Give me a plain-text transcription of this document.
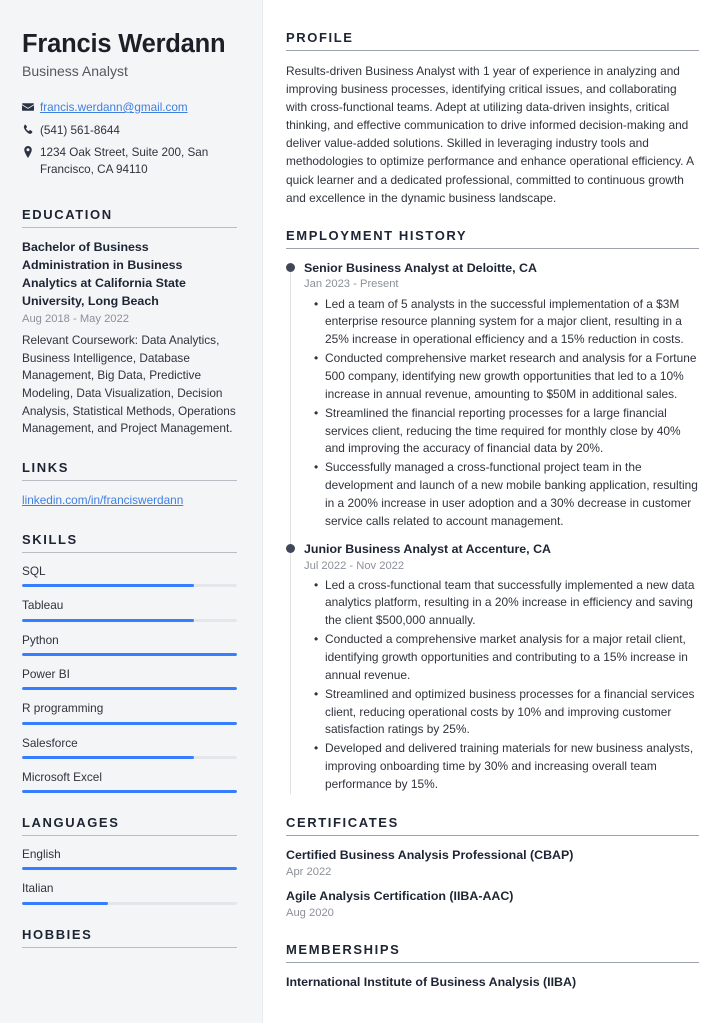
Francis Werdann
Business Analyst
francis.werdann@gmail.com
(541) 561-8644
1234 Oak Street, Suite 200, San Francisco, CA 94110
EDUCATION
Bachelor of Business Administration in Business Analytics at California State University, Long Beach
Aug 2018 - May 2022
Relevant Coursework: Data Analytics, Business Intelligence, Database Management, Big Data, Predictive Modeling, Data Visualization, Decision Analysis, Statistical Methods, Operations Management, and Project Management.
LINKS
linkedin.com/in/franciswerdann
SKILLS
SQL
Tableau
Python
Power BI
R programming
Salesforce
Microsoft Excel
LANGUAGES
English
Italian
HOBBIES
PROFILE
Results-driven Business Analyst with 1 year of experience in analyzing and improving business processes, identifying critical issues, and collaborating with cross-functional teams. Adept at utilizing data-driven insights, critical thinking, and effective communication to drive informed decision-making and deliver value-added solutions. Skilled in leveraging industry tools and methodologies to optimize performance and enhance operational efficiency. A quick learner and a dedicated professional, committed to continuous growth and excellence in the dynamic business landscape.
EMPLOYMENT HISTORY
Senior Business Analyst at Deloitte, CA
Jan 2023 - Present
• Led a team of 5 analysts in the successful implementation of a $3M enterprise resource planning system for a major client, resulting in a 25% increase in operational efficiency and a 15% reduction in costs.
• Conducted comprehensive market research and analysis for a Fortune 500 company, identifying new growth opportunities that led to a 10% increase in annual revenue, amounting to $50M in additional sales.
• Streamlined the financial reporting processes for a large financial services client, reducing the time required for monthly close by 40% and improving the accuracy of financial data by 20%.
• Successfully managed a cross-functional project team in the development and launch of a new mobile banking application, resulting in a 200% increase in user adoption and a 30% decrease in customer service calls related to account management.
Junior Business Analyst at Accenture, CA
Jul 2022 - Nov 2022
• Led a cross-functional team that successfully implemented a new data analytics platform, resulting in a 20% increase in efficiency and saving the client $500,000 annually.
• Conducted a comprehensive market analysis for a major retail client, identifying growth opportunities and contributing to a 15% increase in annual revenue.
• Streamlined and optimized business processes for a financial services client, reducing operational costs by 10% and improving customer satisfaction ratings by 25%.
• Developed and delivered training materials for new business analysts, improving onboarding time by 30% and increasing overall team performance by 15%.
CERTIFICATES
Certified Business Analysis Professional (CBAP)
Apr 2022
Agile Analysis Certification (IIBA-AAC)
Aug 2020
MEMBERSHIPS
International Institute of Business Analysis (IIBA)
